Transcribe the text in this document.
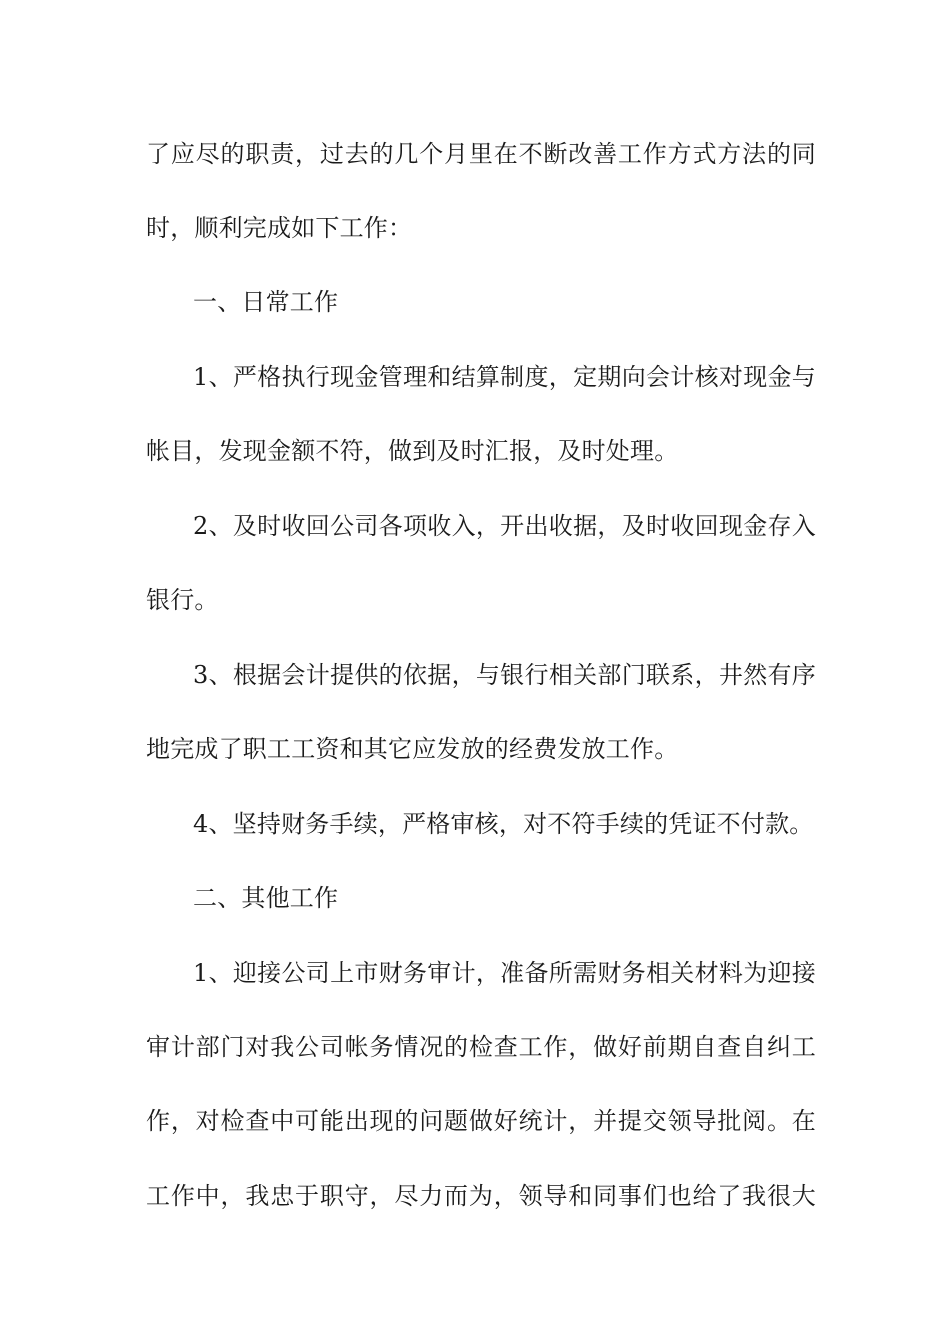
了应尽的职责，过去的几个月里在不断改善工作方式方法的同
时，顺利完成如下工作：
一、日常工作
1、严格执行现金管理和结算制度，定期向会计核对现金与
帐目，发现金额不符，做到及时汇报，及时处理。
2、及时收回公司各项收入，开出收据，及时收回现金存入
银行。
3、根据会计提供的依据，与银行相关部门联系，井然有序
地完成了职工工资和其它应发放的经费发放工作。
4、坚持财务手续，严格审核，对不符手续的凭证不付款。
二、其他工作
1、迎接公司上市财务审计，准备所需财务相关材料为迎接
审计部门对我公司帐务情况的检查工作，做好前期自查自纠工
作，对检查中可能出现的问题做好统计，并提交领导批阅。在
工作中，我忠于职守，尽力而为，领导和同事们也给了我很大
